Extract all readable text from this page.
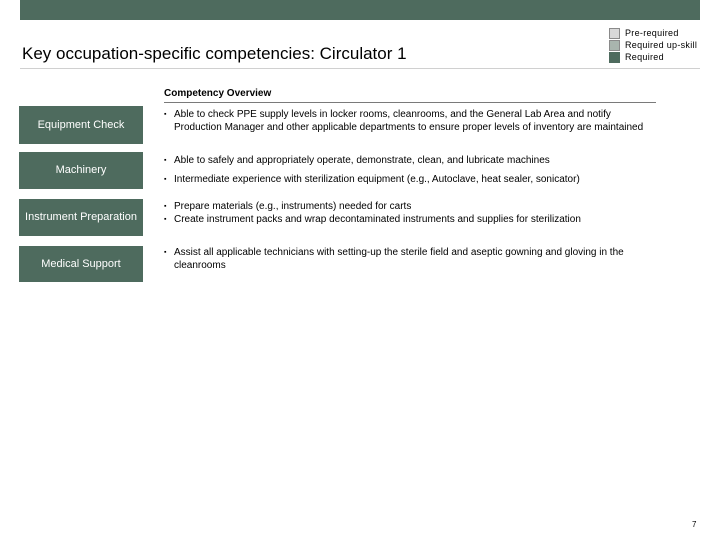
Key occupation-specific competencies: Circulator 1
Pre-required
Required up-skill
Required
Competency Overview
Equipment Check
▪ Able to check PPE supply levels in locker rooms, cleanrooms, and the General Lab Area and notify Production Manager and other applicable departments to ensure proper levels of inventory are maintained
Machinery
▪ Able to safely and appropriately operate, demonstrate, clean, and lubricate machines
▪ Intermediate experience with sterilization equipment (e.g., Autoclave, heat sealer, sonicator)
Instrument Preparation
▪ Prepare materials (e.g., instruments) needed for carts
▪ Create instrument packs and wrap decontaminated instruments and supplies for sterilization
Medical Support
▪ Assist all applicable technicians with setting-up the sterile field and aseptic gowning and gloving in the cleanrooms
7
